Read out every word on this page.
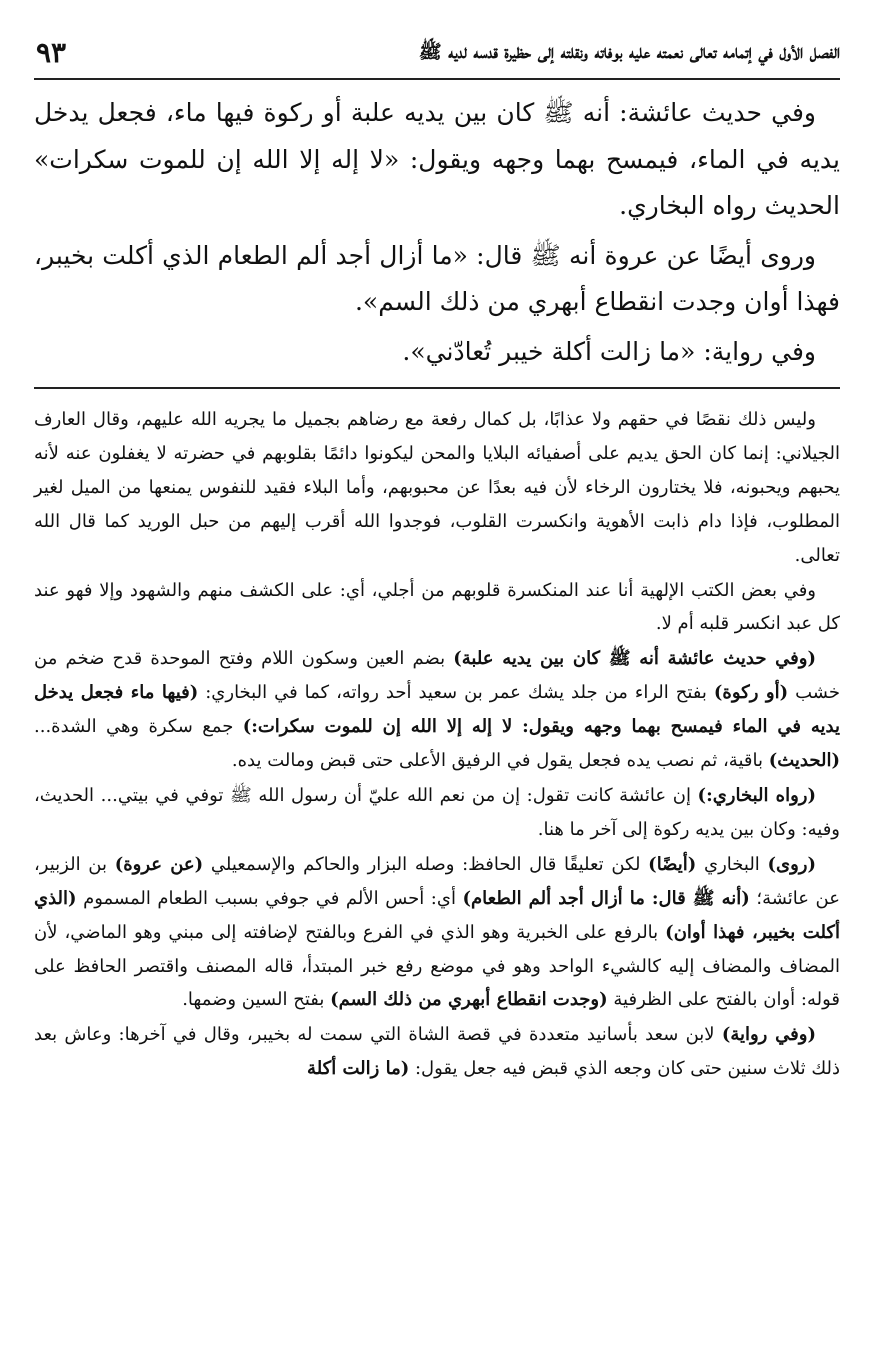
الفصل الأول في إتمامه تعالى نعمته عليه بوفاته ونقلته إلى حظيرة قدسه لديه ﷺ
٩٣

وفي حديث عائشة: أنه ﷺ كان بين يديه علبة أو ركوة فيها ماء، فجعل يدخل يديه في الماء، فيمسح بهما وجهه ويقول: «لا إله إلا الله إن للموت سكرات» الحديث رواه البخاري.

وروى أيضًا عن عروة أنه ﷺ قال: «ما أزال أجد ألم الطعام الذي أكلت بخيبر، فهذا أوان وجدت انقطاع أبهري من ذلك السم».

وفي رواية: «ما زالت أكلة خيبر تُعادّني».

وليس ذلك نقصًا في حقهم ولا عذابًا، بل كمال رفعة مع رضاهم بجميل ما يجريه الله عليهم، وقال العارف الجيلاني: إنما كان الحق يديم على أصفيائه البلايا والمحن ليكونوا دائمًا بقلوبهم في حضرته لا يغفلون عنه لأنه يحبهم ويحبونه، فلا يختارون الرخاء لأن فيه بعدًا عن محبوبهم، وأما البلاء فقيد للنفوس يمنعها من الميل لغير المطلوب، فإذا دام ذابت الأهوية وانكسرت القلوب، فوجدوا الله أقرب إليهم من حبل الوريد كما قال الله تعالى.

وفي بعض الكتب الإلهية أنا عند المنكسرة قلوبهم من أجلي، أي: على الكشف منهم والشهود وإلا فهو عند كل عبد انكسر قلبه أم لا.

(وفي حديث عائشة أنه ﷺ كان بين يديه علبة) بضم العين وسكون اللام وفتح الموحدة قدح ضخم من خشب (أو ركوة) بفتح الراء من جلد يشك عمر بن سعيد أحد رواته، كما في البخاري: (فيها ماء فجعل يدخل يديه في الماء فيمسح بهما وجهه ويقول: لا إله إلا الله إن للموت سكرات:) جمع سكرة وهي الشدة... (الحديث) باقية، ثم نصب يده فجعل يقول في الرفيق الأعلى حتى قبض ومالت يده.

(رواه البخاري:) إن عائشة كانت تقول: إن من نعم الله عليّ أن رسول الله ﷺ توفي في بيتي... الحديث، وفيه: وكان بين يديه ركوة إلى آخر ما هنا.

(روى) البخاري (أيضًا) لكن تعليقًا قال الحافظ: وصله البزار والحاكم والإسمعيلي (عن عروة) بن الزبير، عن عائشة؛ (أنه ﷺ قال: ما أزال أجد ألم الطعام) أي: أحس الألم في جوفي بسبب الطعام المسموم (الذي أكلت بخيبر، فهذا أوان) بالرفع على الخبرية وهو الذي في الفرع وبالفتح لإضافته إلى مبني وهو الماضي، لأن المضاف والمضاف إليه كالشيء الواحد وهو في موضع رفع خبر المبتدأ، قاله المصنف واقتصر الحافظ على قوله: أوان بالفتح على الظرفية (وجدت انقطاع أبهري من ذلك السم) بفتح السين وضمها.

(وفي رواية) لابن سعد بأسانيد متعددة في قصة الشاة التي سمت له بخيبر، وقال في آخرها: وعاش بعد ذلك ثلاث سنين حتى كان وجعه الذي قبض فيه جعل يقول: (ما زالت أكلة
